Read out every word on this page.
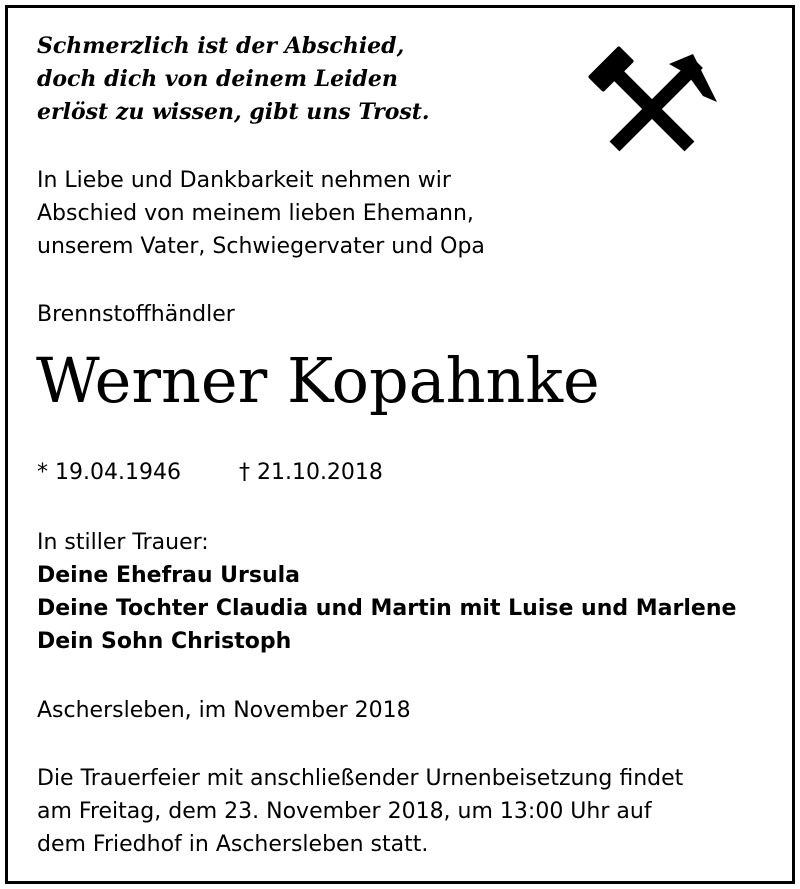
Schmerzlich ist der Abschied,
doch dich von deinem Leiden
erlöst zu wissen, gibt uns Trost.
In Liebe und Dankbarkeit nehmen wir
Abschied von meinem lieben Ehemann,
unserem Vater, Schwiegervater und Opa
Brennstoffhändler
Werner Kopahnke
* 19.04.1946	† 21.10.2018
In stiller Trauer:
Deine Ehefrau Ursula
Deine Tochter Claudia und Martin mit Luise und Marlene
Dein Sohn Christoph
Aschersleben, im November 2018
Die Trauerfeier mit anschließender Urnenbeisetzung findet
am Freitag, dem 23. November 2018, um 13:00 Uhr auf
dem Friedhof in Aschersleben statt.
